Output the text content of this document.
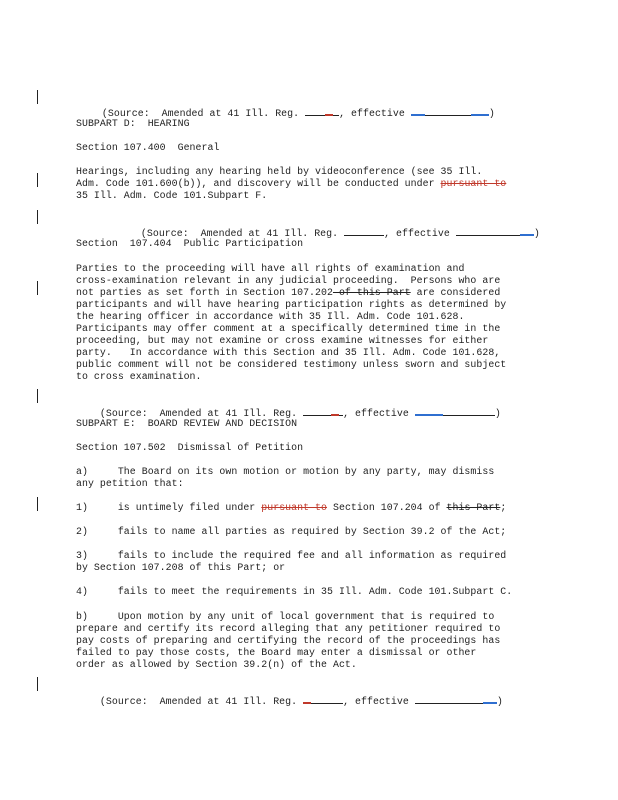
(Source:  Amended at 41 Ill. Reg.	, effective	)

SUBPART D:  HEARING
Section 107.400  General
Hearings, including any hearing held by videoconference (see 35 Ill.
Adm. Code 101.600(b)), and discovery will be conducted under pursuant to
35 Ill. Adm. Code 101.Subpart F.

(Source:  Amended at 41 Ill. Reg.	, effective	)

Section  107.404  Public Participation
Parties to the proceeding will have all rights of examination and
cross-examination relevant in any judicial proceeding.  Persons who are
not parties as set forth in Section 107.202 of this Part are considered
participants and will have hearing participation rights as determined by
the hearing officer in accordance with 35 Ill. Adm. Code 101.628.
Participants may offer comment at a specifically determined time in the
proceeding, but may not examine or cross examine witnesses for either
party.   In accordance with this Section and 35 Ill. Adm. Code 101.628,
public comment will not be considered testimony unless sworn and subject
to cross examination.

(Source:  Amended at 41 Ill. Reg.	, effective	)

SUBPART E:  BOARD REVIEW AND DECISION
Section 107.502  Dismissal of Petition
a)     The Board on its own motion or motion by any party, may dismiss
any petition that:
1)     is untimely filed under pursuant to Section 107.204 of this Part;
2)     fails to name all parties as required by Section 39.2 of the Act;
3)     fails to include the required fee and all information as required
by Section 107.208 of this Part; or
4)     fails to meet the requirements in 35 Ill. Adm. Code 101.Subpart C.
b)     Upon motion by any unit of local government that is required to
prepare and certify its record alleging that any petitioner required to
pay costs of preparing and certifying the record of the proceedings has
failed to pay those costs, the Board may enter a dismissal or other
order as allowed by Section 39.2(n) of the Act.

(Source:  Amended at 41 Ill. Reg.	, effective	)
